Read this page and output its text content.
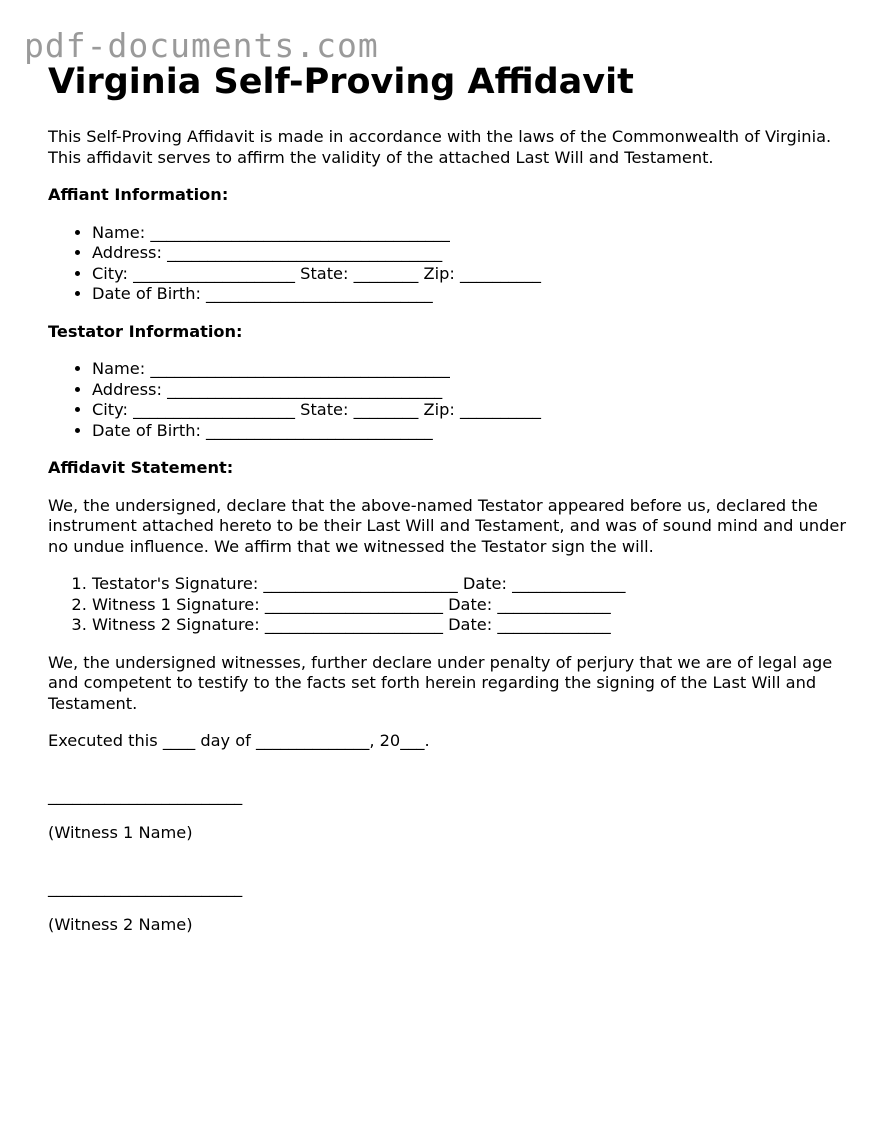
pdf-documents.com
Virginia Self-Proving Affidavit

This Self-Proving Affidavit is made in accordance with the laws of the Commonwealth of Virginia. This affidavit serves to affirm the validity of the attached Last Will and Testament.

Affiant Information:
• Name: _____________________________________
• Address: __________________________________
• City: ____________________ State: ________ Zip: __________
• Date of Birth: ____________________________
Testator Information:
• Name: _____________________________________
• Address: __________________________________
• City: ____________________ State: ________ Zip: __________
• Date of Birth: ____________________________
Affidavit Statement:

We, the undersigned, declare that the above-named Testator appeared before us, declared the instrument attached hereto to be their Last Will and Testament, and was of sound mind and under no undue influence. We affirm that we witnessed the Testator sign the will.

1. Testator's Signature: ________________________ Date: ______________
2. Witness 1 Signature: ______________________ Date: ______________
3. Witness 2 Signature: ______________________ Date: ______________

We, the undersigned witnesses, further declare under penalty of perjury that we are of legal age and competent to testify to the facts set forth herein regarding the signing of the Last Will and Testament.

Executed this ____ day of ______________, 20___.

________________________

(Witness 1 Name)

________________________

(Witness 2 Name)
